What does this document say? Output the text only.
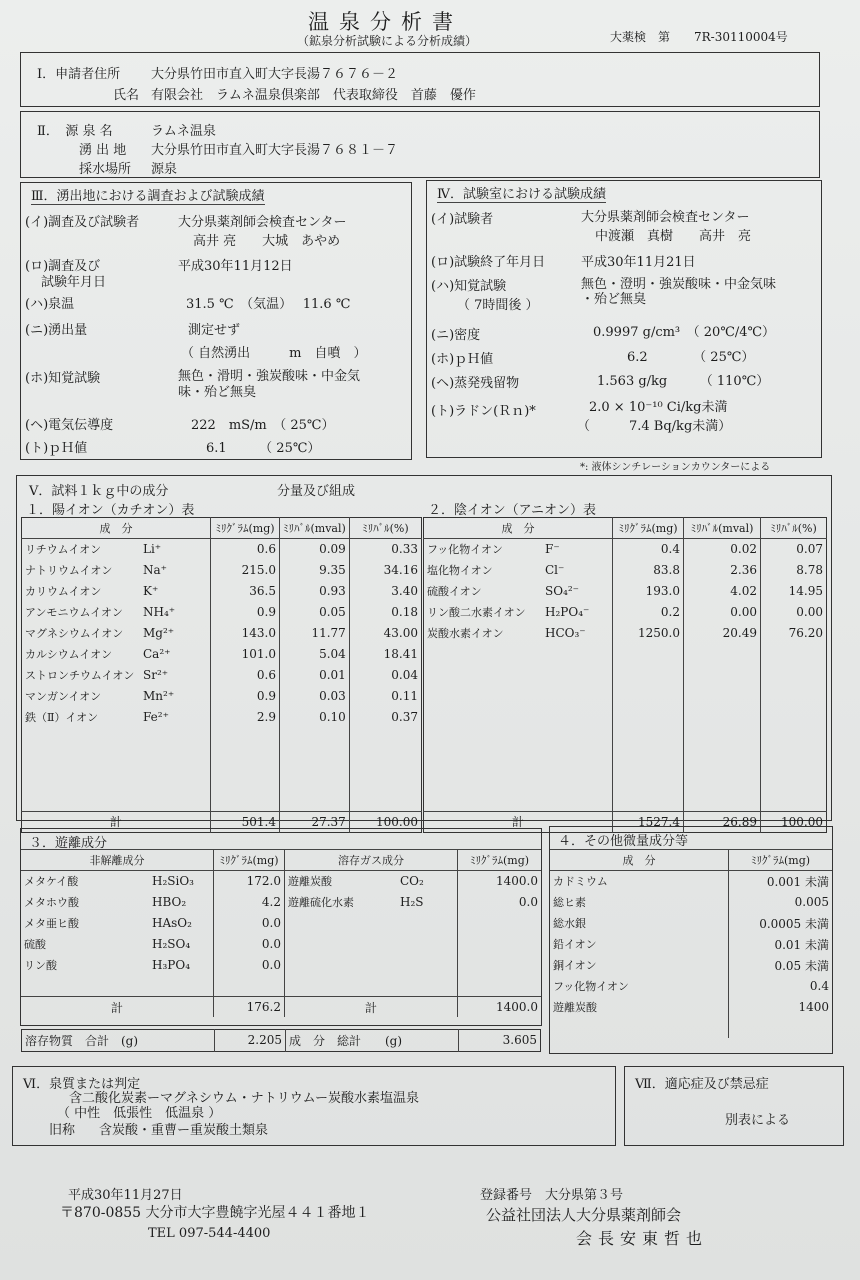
温泉分析書
（鉱泉分析試験による分析成績）	大薬検　第　　7R-30110004号
Ⅰ．申請者住所 大分県竹田市直入町大字長湯７６７６－２
氏名 有限会社　ラムネ温泉倶楽部　代表取締役　首藤　優作
Ⅱ．　源 泉 名	ラムネ温泉
湧 出 地 大分県竹田市直入町大字長湯７６８１－７
採水場所 源泉
Ⅲ．湧出地における調査および試験成績
(イ)調査及び試験者	大分県薬剤師会検査センター
高井 亮　　大城　あやめ
(ロ)調査及び
試験年月日
平成30年11月12日
(ハ)泉温	31.5 ℃　（気温）　 11.6 ℃
(ニ)湧出量	測定せず
（ 自然湧出　　　m　自噴　）
(ホ)知覚試験	無色・滑明・強炭酸味・中金気
味・殆ど無臭
(ヘ)電気伝導度	222　mS/m　（ 25℃）
(ト)ｐＨ値	6.1　　　（ 25℃）
Ⅳ．試験室における試験成績
(イ)試験者	大分県薬剤師会検査センター
中渡瀬　真樹　　高井　亮
(ロ)試験終了年月日	平成30年11月21日
(ハ)知覚試験
（ 7時間後 ）
無色・澄明・強炭酸味・中金気味
・殆ど無臭
(ニ)密度	0.9997 g/cm³　（ 20℃/4℃）
(ホ)ｐＨ値	6.2　　　　（ 25℃）
(ヘ)蒸発残留物	1.563 g/kg　　　（ 110℃）
(ト)ラドン(Ｒｎ)*	2.0 × 10⁻¹⁰ Ci/kg未満
（　　　7.4 Bq/kg未満）
*: 液体シンチレーションカウンターによる
Ⅴ．試料１ｋｇ中の成分	分量及び組成
１．陽イオン（カチオン）表	２．陰イオン（アニオン）表
成　分	ﾐﾘｸﾞﾗﾑ(mg)	ﾐﾘﾊﾞﾙ(mval)	ﾐﾘﾊﾞﾙ(%)
リチウムイオン Li⁺	0.6	0.09	0.33
ナトリウムイオン Na⁺	215.0	9.35	34.16
カリウムイオン K⁺	36.5	0.93	3.40
アンモニウムイオン NH₄⁺	0.9	0.05	0.18
マグネシウムイオン Mg²⁺	143.0	11.77	43.00
カルシウムイオン Ca²⁺	101.0	5.04	18.41
ストロンチウムイオン Sr²⁺	0.6	0.01	0.04
マンガンイオン Mn²⁺	0.9	0.03	0.11
鉄（Ⅱ）イオン Fe²⁺	2.9	0.10	0.37

計	501.4	27.37	100.00
成　分	ﾐﾘｸﾞﾗﾑ(mg)	ﾐﾘﾊﾞﾙ(mval)	ﾐﾘﾊﾞﾙ(%)
フッ化物イオン F⁻	0.4	0.02	0.07
塩化物イオン Cl⁻	83.8	2.36	8.78
硫酸イオン SO₄²⁻	193.0	4.02	14.95
リン酸二水素イオン H₂PO₄⁻	0.2	0.00	0.00
炭酸水素イオン HCO₃⁻	1250.0	20.49	76.20

計	1527.4	26.89	100.00
３．遊離成分
非解離成分	ﾐﾘｸﾞﾗﾑ(mg)	溶存ガス成分	ﾐﾘｸﾞﾗﾑ(mg)
メタケイ酸 H₂SiO₃	172.0	遊離炭酸 CO₂	1400.0
メタホウ酸 HBO₂	4.2	遊離硫化水素 H₂S	0.0
メタ亜ヒ酸 HAsO₂	0.0		
硫酸 H₂SO₄	0.0		
リン酸 H₃PO₄	0.0		

計	176.2	計	1400.0
溶存物質　合計　(g)	2.205	成　分　総計　　(g)	3.605
４．その他微量成分等
成　分	ﾐﾘｸﾞﾗﾑ(mg)
カドミウム	0.001 未満
総ヒ素	0.005
総水銀	0.0005 未満
鉛イオン	0.01 未満
銅イオン	0.05 未満
フッ化物イオン	0.4
遊離炭酸	1400

Ⅵ．泉質または判定
含二酸化炭素ーマグネシウム・ナトリウムー炭酸水素塩温泉
（ 中性　低張性　低温泉 ）
旧称 含炭酸・重曹ー重炭酸土類泉
Ⅶ．適応症及び禁忌症
別表による
平成30年11月27日
〒870-0855 大分市大字豊饒字光屋４４１番地１
TEL 097-544-4400
登録番号　大分県第３号
公益社団法人大分県薬剤師会
会長安東哲也
